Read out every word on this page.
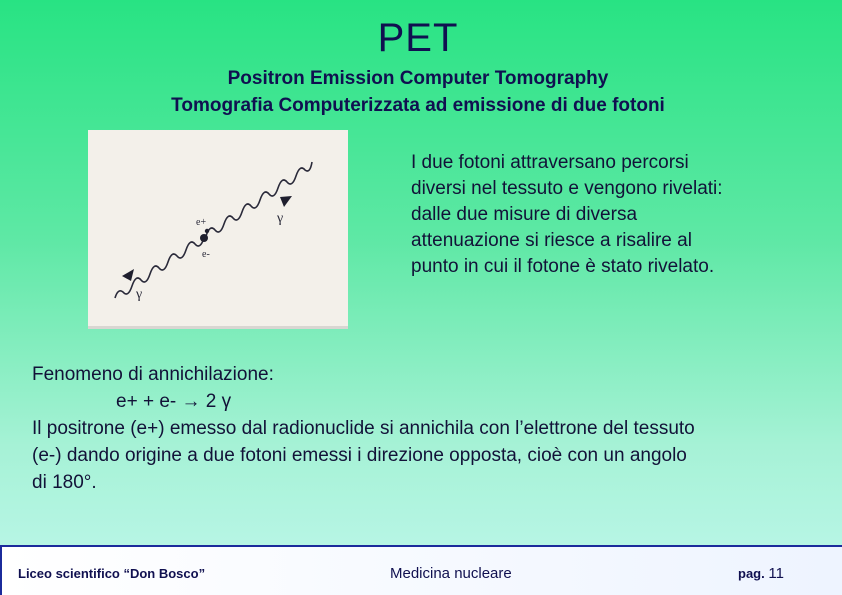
PET
Positron Emission Computer Tomography
Tomografia Computerizzata ad emissione di due fotoni
e+
e-
γ
γ
I due fotoni attraversano percorsi
diversi nel tessuto e vengono rivelati:
dalle due misure di diversa
attenuazione si riesce a risalire al
punto in cui il fotone è stato rivelato.
Fenomeno di annichilazione:
e+ + e- → 2 γ
Il positrone (e+) emesso dal radionuclide si annichila con l’elettrone del tessuto
(e-) dando origine a due fotoni emessi i direzione opposta, cioè con un angolo
di 180°.
Liceo scientifico “Don Bosco”	Medicina nucleare	pag. 11
